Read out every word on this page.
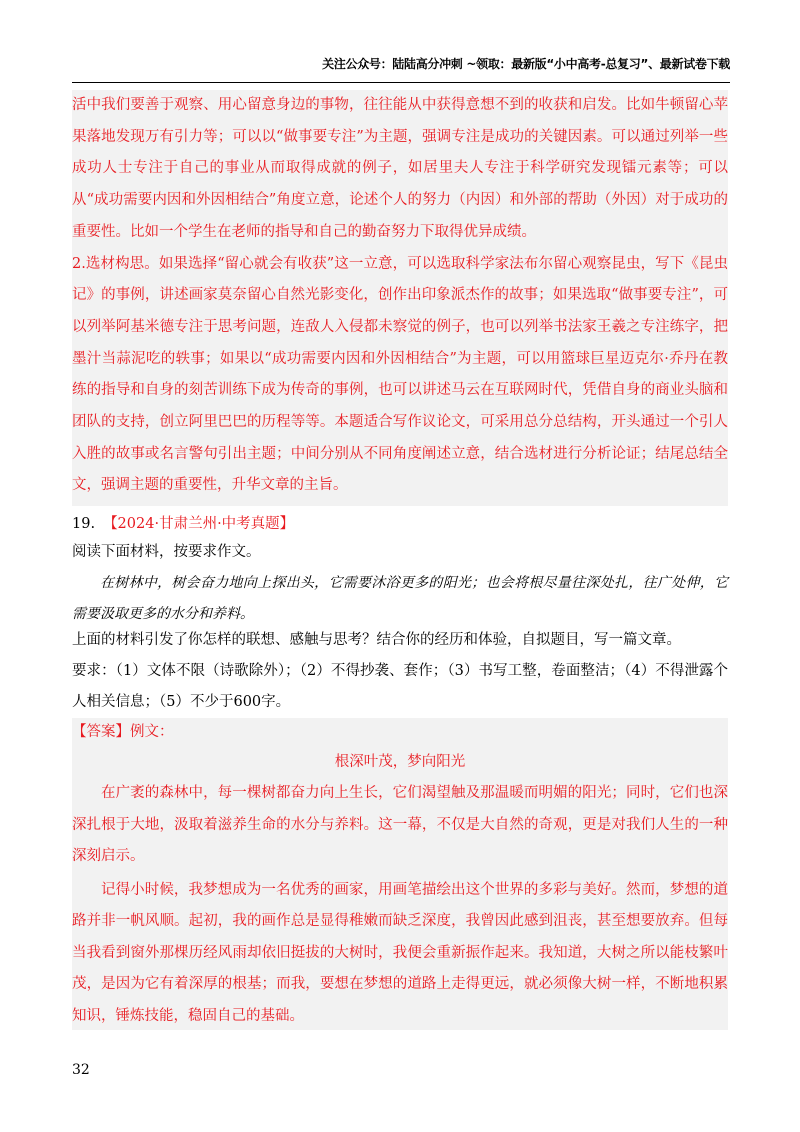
关注公众号：陆陆高分冲刺 ~领取：最新版“小中高考-总复习”、最新试卷下载

活中我们要善于观察、用心留意身边的事物，往往能从中获得意想不到的收获和启发。比如牛顿留心苹果落地发现万有引力等；可以以“做事要专注”为主题，强调专注是成功的关键因素。可以通过列举一些成功人士专注于自己的事业从而取得成就的例子，如居里夫人专注于科学研究发现镭元素等；可以从“成功需要内因和外因相结合”角度立意，论述个人的努力（内因）和外部的帮助（外因）对于成功的重要性。比如一个学生在老师的指导和自己的勤奋努力下取得优异成绩。

2.选材构思。如果选择“留心就会有收获”这一立意，可以选取科学家法布尔留心观察昆虫，写下《昆虫记》的事例，讲述画家莫奈留心自然光影变化，创作出印象派杰作的故事；如果选取“做事要专注”，可以列举阿基米德专注于思考问题，连敌人入侵都未察觉的例子，也可以列举书法家王羲之专注练字，把墨汁当蒜泥吃的轶事；如果以“成功需要内因和外因相结合”为主题，可以用篮球巨星迈克尔·乔丹在教练的指导和自身的刻苦训练下成为传奇的事例，也可以讲述马云在互联网时代，凭借自身的商业头脑和团队的支持，创立阿里巴巴的历程等等。本题适合写作议论文，可采用总分总结构，开头通过一个引人入胜的故事或名言警句引出主题；中间分别从不同角度阐述立意，结合选材进行分析论证；结尾总结全文，强调主题的重要性，升华文章的主旨。

19. 【2024·甘肃兰州·中考真题】
阅读下面材料，按要求作文。
在树林中，树会奋力地向上探出头，它需要沐浴更多的阳光；也会将根尽量往深处扎，往广处伸，它需要汲取更多的水分和养料。
上面的材料引发了你怎样的联想、感触与思考？结合你的经历和体验，自拟题目，写一篇文章。
要求：（1）文体不限（诗歌除外）；（2）不得抄袭、套作；（3）书写工整，卷面整洁；（4）不得泄露个人相关信息；（5）不少于600字。
【答案】例文：
根深叶茂，梦向阳光

在广袤的森林中，每一棵树都奋力向上生长，它们渴望触及那温暖而明媚的阳光；同时，它们也深深扎根于大地，汲取着滋养生命的水分与养料。这一幕，不仅是大自然的奇观，更是对我们人生的一种深刻启示。

记得小时候，我梦想成为一名优秀的画家，用画笔描绘出这个世界的多彩与美好。然而，梦想的道路并非一帆风顺。起初，我的画作总是显得稚嫩而缺乏深度，我曾因此感到沮丧，甚至想要放弃。但每当我看到窗外那棵历经风雨却依旧挺拔的大树时，我便会重新振作起来。我知道，大树之所以能枝繁叶茂，是因为它有着深厚的根基；而我，要想在梦想的道路上走得更远，就必须像大树一样，不断地积累知识，锤炼技能，稳固自己的基础。

32
